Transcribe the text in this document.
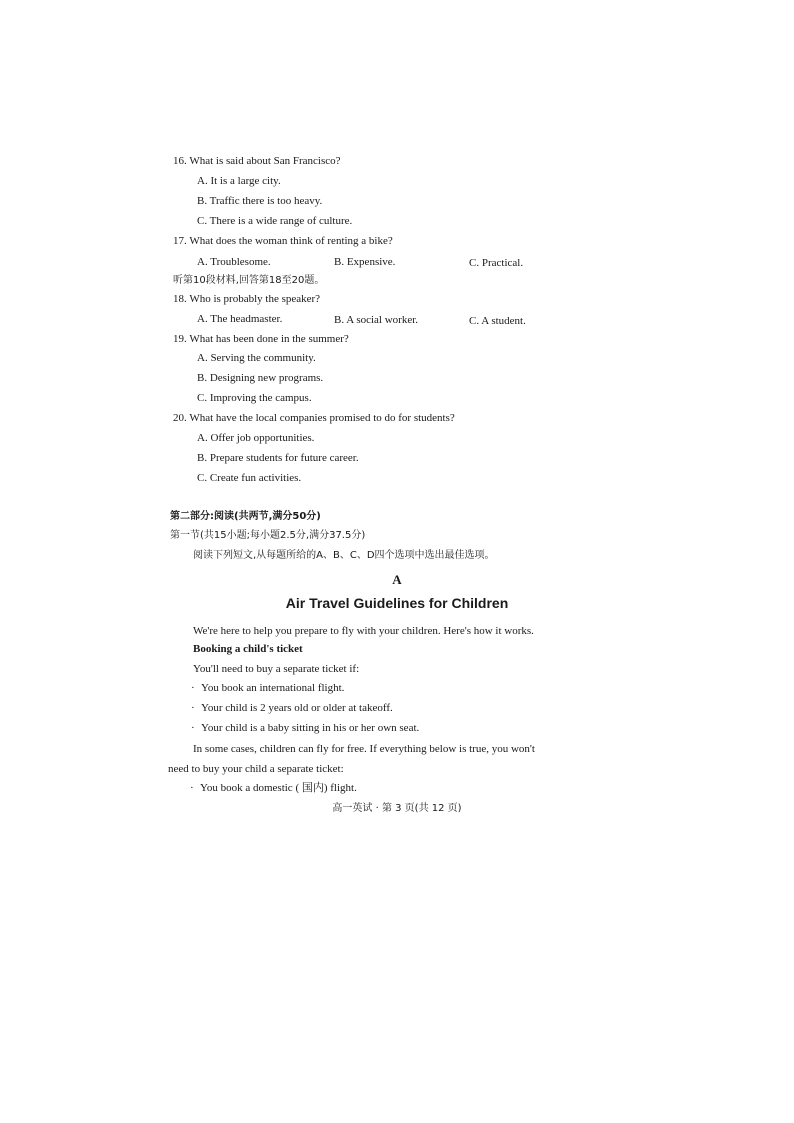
16. What is said about San Francisco?
A. It is a large city.
B. Traffic there is too heavy.
C. There is a wide range of culture.
17. What does the woman think of renting a bike?
A. Troublesome.	B. Expensive.	C. Practical.
听第10段材料,回答第18至20题。
18. Who is probably the speaker?
A. The headmaster.	B. A social worker.	C. A student.
19. What has been done in the summer?
A. Serving the community.
B. Designing new programs.
C. Improving the campus.
20. What have the local companies promised to do for students?
A. Offer job opportunities.
B. Prepare students for future career.
C. Create fun activities.
第二部分:阅读(共两节,满分50分)
第一节(共15小题;每小题2.5分,满分37.5分)
阅读下列短文,从每题所给的A、B、C、D四个选项中选出最佳选项。
A
Air Travel Guidelines for Children
We're here to help you prepare to fly with your children. Here's how it works.
Booking a child's ticket
You'll need to buy a separate ticket if:
· You book an international flight.
· Your child is 2 years old or older at takeoff.
· Your child is a baby sitting in his or her own seat.
In some cases, children can fly for free. If everything below is true, you won't
need to buy your child a separate ticket:
· You book a domestic ( 国内) flight.
高一英试 · 第 3 页(共 12 页)
